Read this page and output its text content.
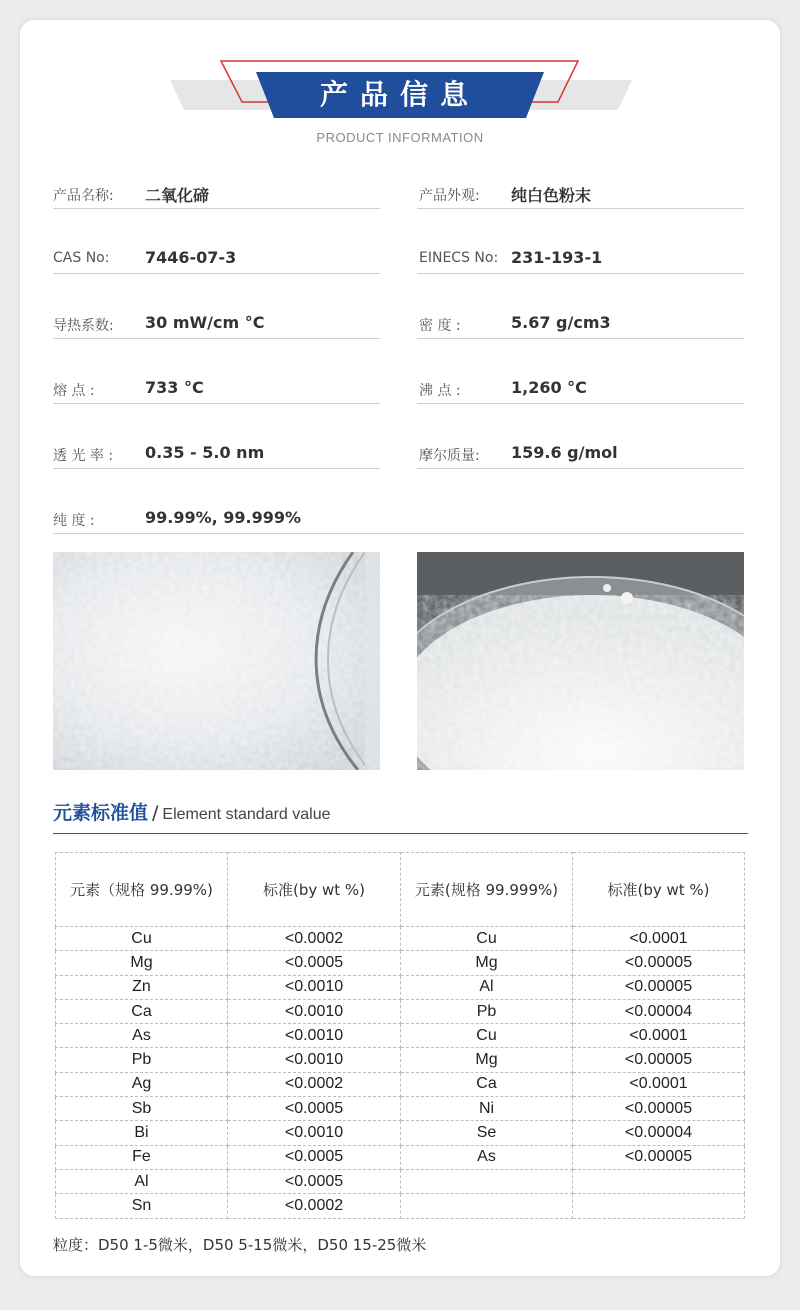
产品信息
PRODUCT INFORMATION
产品名称: 二氧化碲	产品外观: 纯白色粉末
CAS No: 7446-07-3	EINECS No: 231-193-1
导热系数: 30 mW/cm °C	密 度 :	5.67 g/cm3
熔 点 :	733 °C	沸 点 :	1,260 °C
透 光 率 : 0.35 - 5.0 nm	摩尔质量: 159.6 g/mol
纯 度 :	99.99%, 99.999%
元素标准值 / Element standard value
元素（规格 99.99%)	标准(by wt %)	元素(规格 99.999%)	标准(by wt %)
Cu	<0.0002	Cu	<0.0001
Mg	<0.0005	Mg	<0.00005
Zn	<0.0010	Al	<0.00005
Ca	<0.0010	Pb	<0.00004
As	<0.0010	Cu	<0.0001
Pb	<0.0010	Mg	<0.00005
Ag	<0.0002	Ca	<0.0001
Sb	<0.0005	Ni	<0.00005
Bi	<0.0010	Se	<0.00004
Fe	<0.0005	As	<0.00005
Al	<0.0005		
Sn	<0.0002		
粒度：D50 1-5微米，D50 5-15微米，D50 15-25微米
